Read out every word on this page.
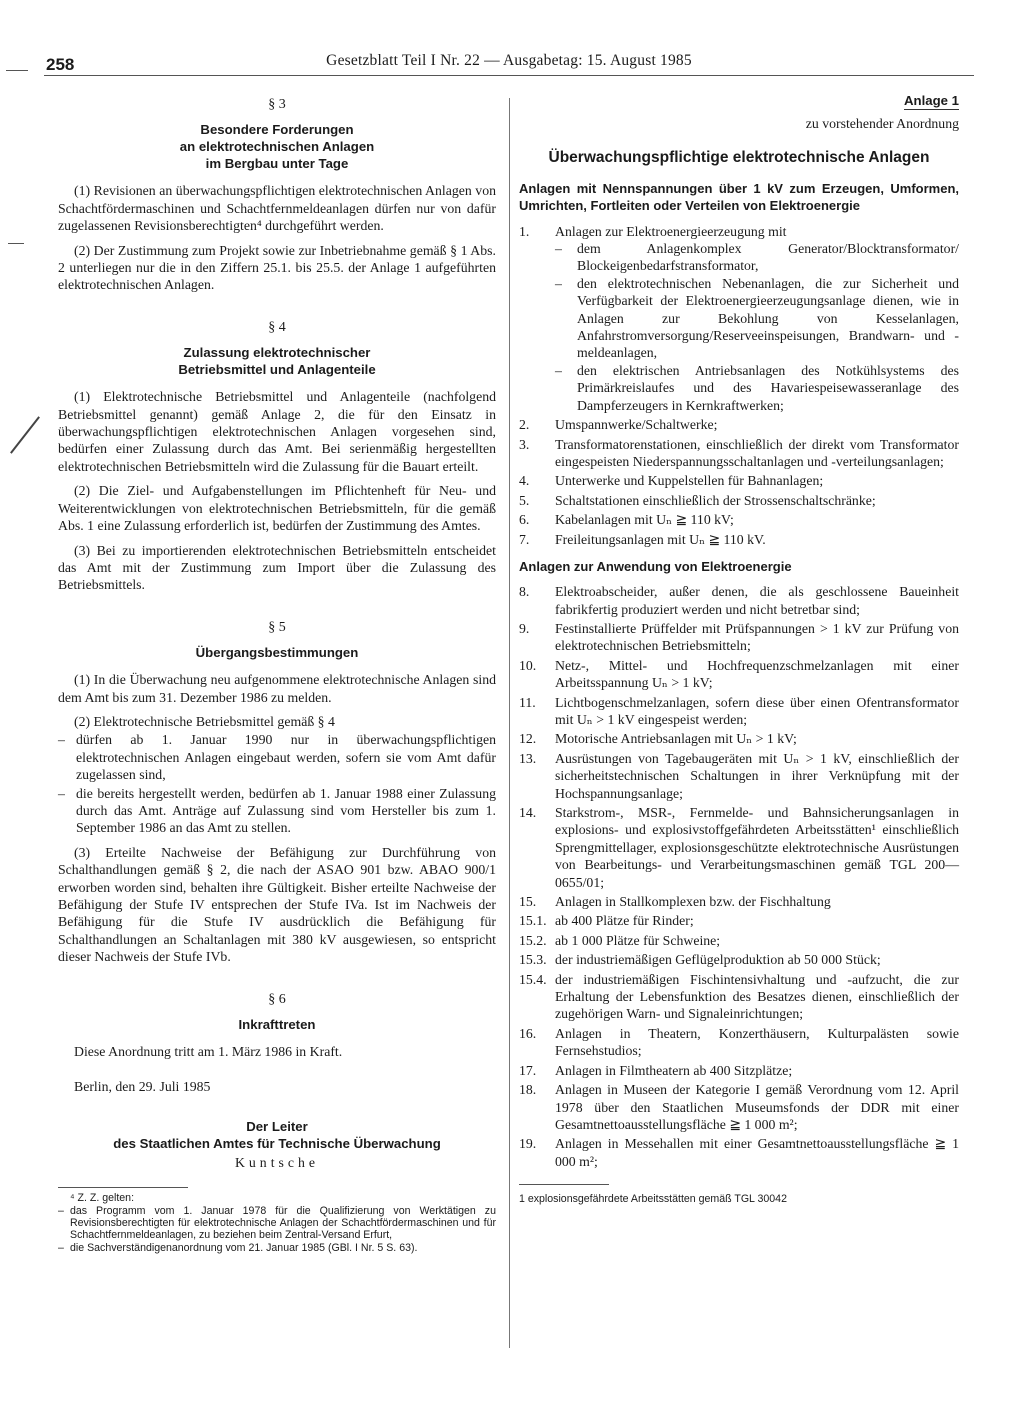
258	Gesetzblatt Teil I Nr. 22 — Ausgabetag: 15. August 1985
§ 3
Besondere Forderungen
an elektrotechnischen Anlagen
im Bergbau unter Tage

(1) Revisionen an überwachungspflichtigen elektrotechnischen Anlagen von Schachtfördermaschinen und Schachtfernmeldeanlagen dürfen nur von dafür zugelassenen Revisionsberechtigten⁴ durchgeführt werden.

(2) Der Zustimmung zum Projekt sowie zur Inbetriebnahme gemäß § 1 Abs. 2 unterliegen nur die in den Ziffern 25.1. bis 25.5. der Anlage 1 aufgeführten elektrotechnischen Anlagen.

§ 4
Zulassung elektrotechnischer
Betriebsmittel und Anlagenteile

(1) Elektrotechnische Betriebsmittel und Anlagenteile (nachfolgend Betriebsmittel genannt) gemäß Anlage 2, die für den Einsatz in überwachungspflichtigen elektrotechnischen Anlagen vorgesehen sind, bedürfen einer Zulassung durch das Amt. Bei serienmäßig hergestellten elektrotechnischen Betriebsmitteln wird die Zulassung für die Bauart erteilt.

(2) Die Ziel- und Aufgabenstellungen im Pflichtenheft für Neu- und Weiterentwicklungen von elektrotechnischen Betriebsmitteln, für die gemäß Abs. 1 eine Zulassung erforderlich ist, bedürfen der Zustimmung des Amtes.

(3) Bei zu importierenden elektrotechnischen Betriebsmitteln entscheidet das Amt mit der Zustimmung zum Import über die Zulassung des Betriebsmittels.

§ 5
Übergangsbestimmungen

(1) In die Überwachung neu aufgenommene elektrotechnische Anlagen sind dem Amt bis zum 31. Dezember 1986 zu melden.

(2) Elektrotechnische Betriebsmittel gemäß § 4

– dürfen ab 1. Januar 1990 nur in überwachungspflichtigen elektrotechnischen Anlagen eingebaut werden, sofern sie vom Amt dafür zugelassen sind,
– die bereits hergestellt werden, bedürfen ab 1. Januar 1988 einer Zulassung durch das Amt. Anträge auf Zulassung sind vom Hersteller bis zum 1. September 1986 an das Amt zu stellen.

(3) Erteilte Nachweise der Befähigung zur Durchführung von Schalthandlungen gemäß § 2, die nach der ASAO 901 bzw. ABAO 900/1 erworben worden sind, behalten ihre Gültigkeit. Bisher erteilte Nachweise der Befähigung der Stufe IV entsprechen der Stufe IVa. Ist im Nachweis der Befähigung für die Stufe IV ausdrücklich die Befähigung für Schalthandlungen an Schaltanlagen mit 380 kV ausgewiesen, so entspricht dieser Nachweis der Stufe IVb.

§ 6
Inkrafttreten

Diese Anordnung tritt am 1. März 1986 in Kraft.

Berlin, den 29. Juli 1985

Der Leiter
des Staatlichen Amtes für Technische Überwachung
Kuntsche
⁴ Z. Z. gelten:
– das Programm vom 1. Januar 1978 für die Qualifizierung von Werktätigen zu Revisionsberechtigten für elektrotechnische Anlagen der Schachtfördermaschinen und für Schachtfernmeldeanlagen, zu beziehen beim Zentral-Versand Erfurt,
– die Sachverständigenanordnung vom 21. Januar 1985 (GBl. I Nr. 5 S. 63).
Anlage 1
zu vorstehender Anordnung
Überwachungspflichtige elektrotechnische Anlagen
Anlagen mit Nennspannungen über 1 kV zum Erzeugen, Umformen, Umrichten, Fortleiten oder Verteilen von Elektroenergie
1.	Anlagen zur Elektroenergieerzeugung mit
–	dem Anlagenkomplex Generator/Blocktransformator/ Blockeigenbedarfstransformator,
–	den elektrotechnischen Nebenanlagen, die zur Sicherheit und Verfügbarkeit der Elektroenergieerzeugungsanlage dienen, wie in Anlagen zur Bekohlung von Kesselanlagen, Anfahrstromversorgung/Reserveeinspeisungen, Brandwarn- und -meldeanlagen,
–	den elektrischen Antriebsanlagen des Notkühlsystems des Primärkreislaufes und des Havariespeisewasseranlage des Dampferzeugers in Kernkraftwerken;
2.	Umspannwerke/Schaltwerke;
3.	Transformatorenstationen, einschließlich der direkt vom Transformator eingespeisten Niederspannungsschaltanlagen und -verteilungsanlagen;
4.	Unterwerke und Kuppelstellen für Bahnanlagen;
5.	Schaltstationen einschließlich der Strossenschaltschränke;
6.	Kabelanlagen mit Uₙ ≧ 110 kV;
7.	Freileitungsanlagen mit Uₙ ≧ 110 kV.
Anlagen zur Anwendung von Elektroenergie
8.	Elektroabscheider, außer denen, die als geschlossene Baueinheit fabrikfertig produziert werden und nicht betretbar sind;
9.	Festinstallierte Prüffelder mit Prüfspannungen > 1 kV zur Prüfung von elektrotechnischen Betriebsmitteln;
10.	Netz-, Mittel- und Hochfrequenzschmelzanlagen mit einer Arbeitsspannung Uₙ > 1 kV;
11.	Lichtbogenschmelzanlagen, sofern diese über einen Ofentransformator mit Uₙ > 1 kV eingespeist werden;
12.	Motorische Antriebsanlagen mit Uₙ > 1 kV;
13.	Ausrüstungen von Tagebaugeräten mit Uₙ > 1 kV, einschließlich der sicherheitstechnischen Schaltungen in ihrer Verknüpfung mit der Hochspannungsanlage;
14.	Starkstrom-, MSR-, Fernmelde- und Bahnsicherungsanlagen in explosions- und explosivstoffgefährdeten Arbeitsstätten¹ einschließlich Sprengmittellager, explosionsgeschützte elektrotechnische Ausrüstungen von Bearbeitungs- und Verarbeitungsmaschinen gemäß TGL 200—0655/01;
15.	Anlagen in Stallkomplexen bzw. der Fischhaltung
15.1. ab 400 Plätze für Rinder;
15.2. ab 1 000 Plätze für Schweine;
15.3. der industriemäßigen Geflügelproduktion ab 50 000 Stück;
15.4. der industriemäßigen Fischintensivhaltung und -aufzucht, die zur Erhaltung der Lebensfunktion des Besatzes dienen, einschließlich der zugehörigen Warn- und Signaleinrichtungen;
16.	Anlagen in Theatern, Konzerthäusern, Kulturpalästen sowie Fernsehstudios;
17.	Anlagen in Filmtheatern ab 400 Sitzplätze;
18.	Anlagen in Museen der Kategorie I gemäß Verordnung vom 12. April 1978 über den Staatlichen Museumsfonds der DDR mit einer Gesamtnettoausstellungsfläche ≧ 1 000 m²;
19.	Anlagen in Messehallen mit einer Gesamtnettoausstellungsfläche ≧ 1 000 m²;
1 explosionsgefährdete Arbeitsstätten gemäß TGL 30042
